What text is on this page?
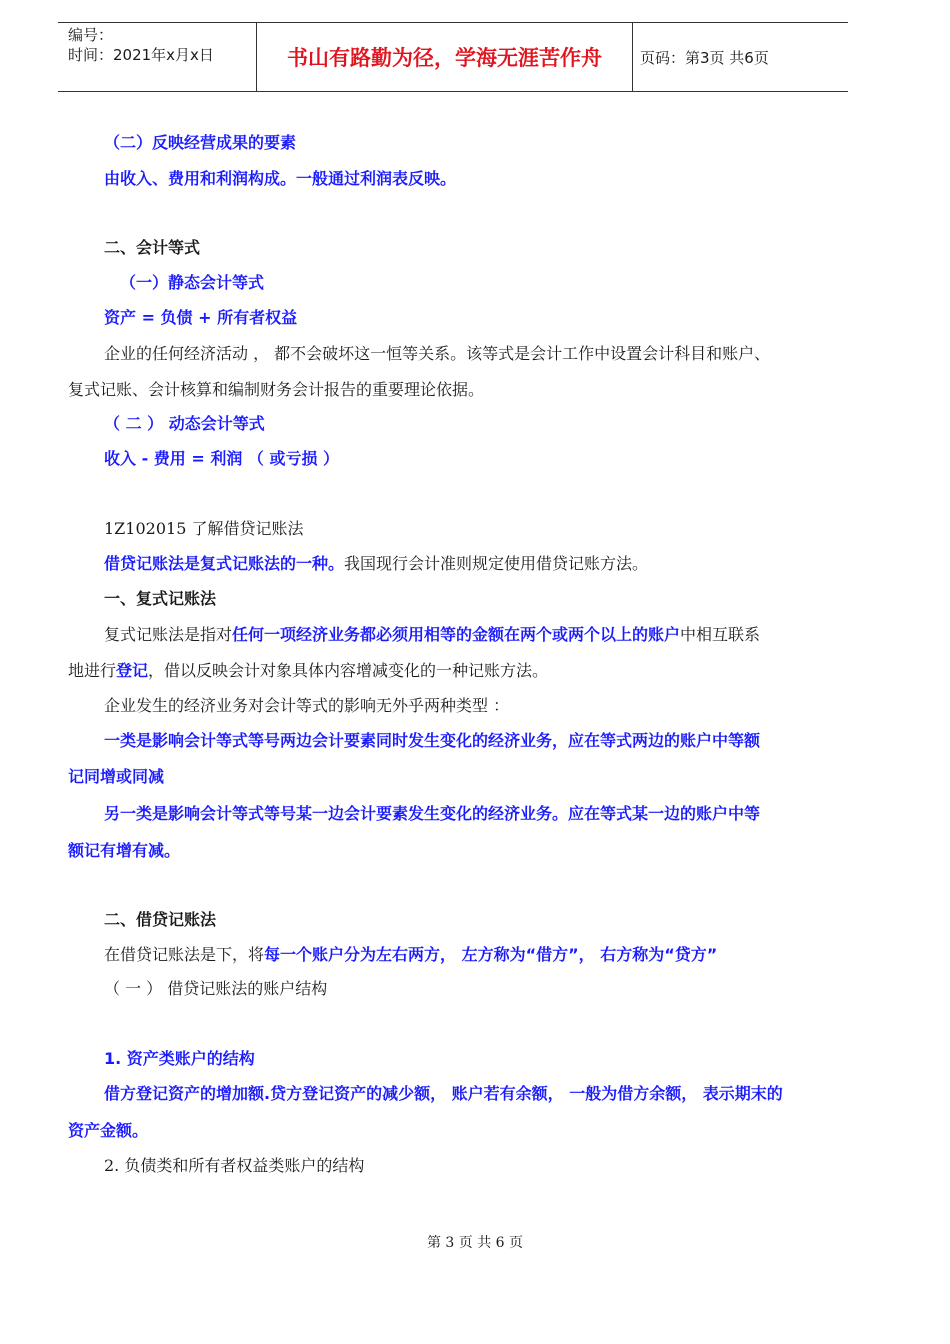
编号：
时间：2021年x月x日	书山有路勤为径，学海无涯苦作舟	页码：第3页 共6页
（二）反映经营成果的要素
由收入、费用和利润构成。一般通过利润表反映。
二、会计等式
（一）静态会计等式
资产 = 负债 + 所有者权益
企业的任何经济活动 ， 都不会破坏这一恒等关系。该等式是会计工作中设置会计科目和账户、
复式记账、会计核算和编制财务会计报告的重要理论依据。
（ 二 ） 动态会计等式
收入 - 费用 = 利润 （ 或亏损 ）
1Z102015 了解借贷记账法
借贷记账法是复式记账法的一种。我国现行会计准则规定使用借贷记账方法。
一、复式记账法
复式记账法是指对任何一项经济业务都必须用相等的金额在两个或两个以上的账户中相互联系
地进行登记，借以反映会计对象具体内容增减变化的一种记账方法。
企业发生的经济业务对会计等式的影响无外乎两种类型 ：
一类是影响会计等式等号两边会计要素同时发生变化的经济业务，应在等式两边的账户中等额
记同增或同减
另一类是影响会计等式等号某一边会计要素发生变化的经济业务。应在等式某一边的账户中等
额记有增有减。
二、借贷记账法
在借贷记账法是下，将每一个账户分为左右两方， 左方称为“借方”， 右方称为“贷方”
（ 一 ） 借贷记账法的账户结构
1. 资产类账户的结构
借方登记资产的增加额.贷方登记资产的减少额， 账户若有余额， 一般为借方余额， 表示期末的
资产金额。
2. 负债类和所有者权益类账户的结构
第 3 页 共 6 页
